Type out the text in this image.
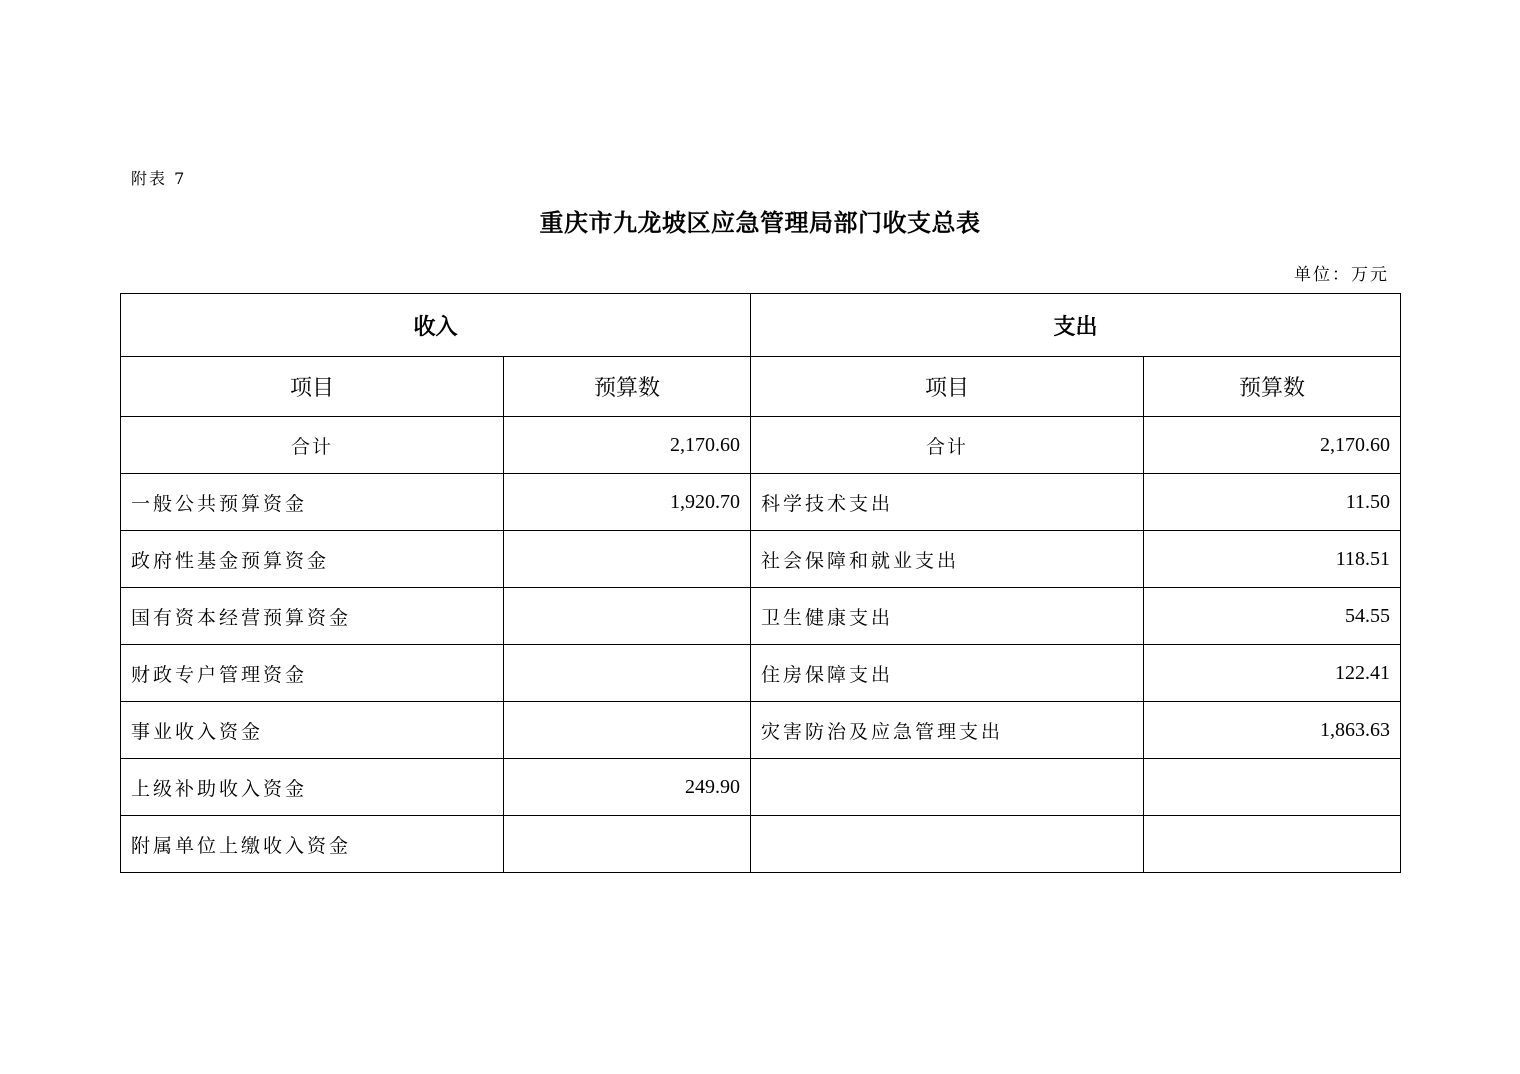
附表 7
重庆市九龙坡区应急管理局部门收支总表
单位：万元
收入		支出	
项目	预算数	项目	预算数
合计	2,170.60	合计	2,170.60
一般公共预算资金	1,920.70	科学技术支出	11.50
政府性基金预算资金		社会保障和就业支出	118.51
国有资本经营预算资金		卫生健康支出	54.55
财政专户管理资金		住房保障支出	122.41
事业收入资金		灾害防治及应急管理支出	1,863.63
上级补助收入资金	249.90		
附属单位上缴收入资金			
